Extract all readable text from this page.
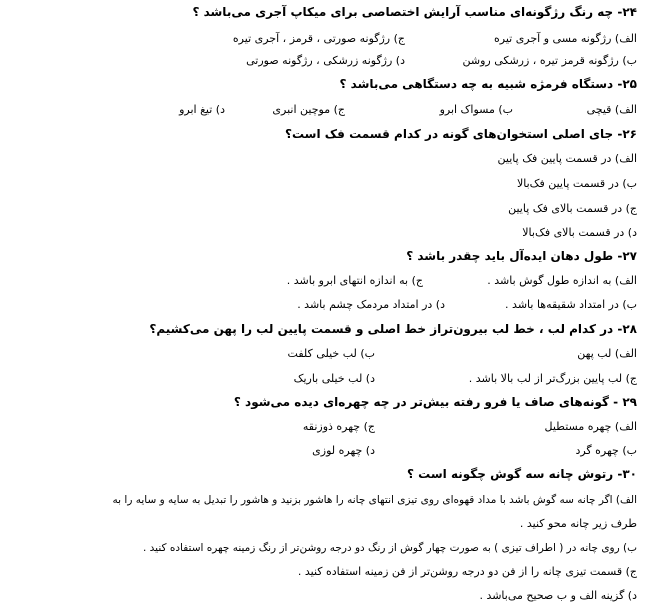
۲۴- چه رنگ رژگونه‌ای مناسب آرایش اختصاصی برای میکاپ آجری می‌باشد ؟
الف) رژگونه مسی و آجری تیره
ج) رژگونه صورتی ، قرمز ، آجری تیره
ب) رژگونه قرمز تیره ، زرشکی روشن
د) رژگونه زرشکی ، رژگونه صورتی
۲۵- دستگاه فرمژه شبیه به چه دستگاهی می‌باشد ؟
الف) قیچی
ب) مسواک ابرو
ج) موچین انبری
د) تیغ ابرو
۲۶- جای اصلی استخوان‌های گونه در کدام قسمت فک است؟
الف) در قسمت پایین فک پایین
ب) در قسمت پایین فک‌بالا
ج) در قسمت بالای فک پایین
د) در قسمت بالای فک‌بالا
۲۷- طول دهان ایده‌آل باید چقدر باشد ؟
الف) به اندازه طول گوش باشد .
ج) به اندازه انتهای ابرو باشد .
ب) در امتداد شقیقه‌ها باشد .
د) در امتداد مردمک چشم باشد .
۲۸- در کدام لب ، خط لب بیرون‌تراز خط اصلی و قسمت پایین لب را پهن می‌کشیم؟
الف) لب پهن
ب) لب خیلی کلفت
ج) لب پایین بزرگ‌تر از لب بالا باشد .
د) لب خیلی باریک
۲۹ - گونه‌های صاف یا فرو رفته بیش‌تر در چه چهره‌ای دیده می‌شود ؟
الف) چهره مستطیل
ج) چهره ذوزنقه
ب) چهره گرد
د) چهره لوزی
۳۰- رتوش چانه سه گوش چگونه است ؟
الف) اگر چانه سه گوش باشد با مداد قهوه‌ای روی تیزی انتهای چانه را هاشور بزنید و هاشور را تبدیل به سایه و سایه را به
طرف زیر چانه محو کنید .
ب) روی چانه در ( اطراف تیزی ) به صورت چهار گوش از رنگ دو درجه روشن‌تر از رنگ زمینه چهره استفاده کنید .
ج) قسمت تیزی چانه را از فن دو درجه روشن‌تر از فن زمینه استفاده کنید .
د) گزینه الف و ب صحیح می‌باشد .
